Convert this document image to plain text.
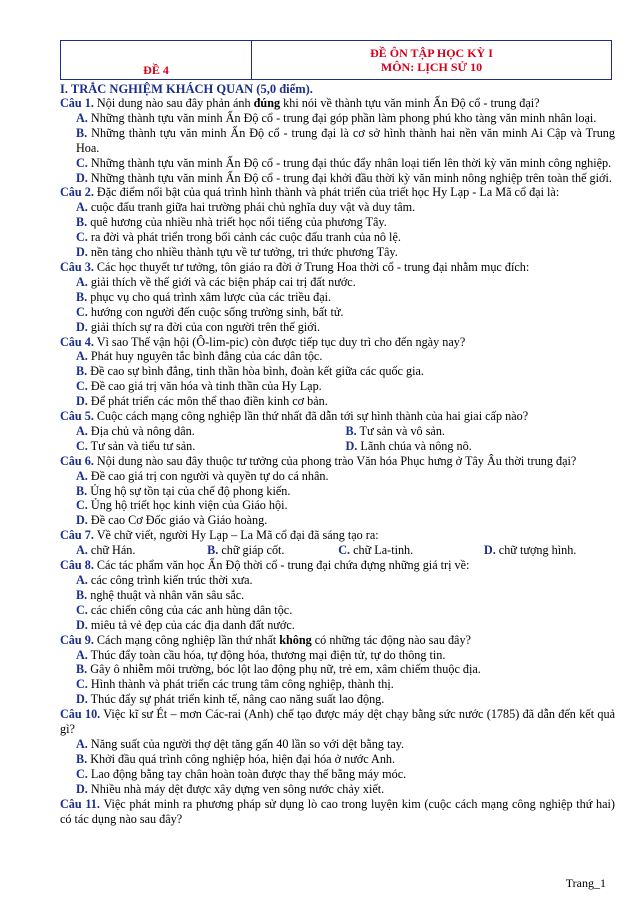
ĐỀ 4	
ĐỀ ÔN TẬP HỌC KỲ I
MÔN: LỊCH SỬ 10
I. TRẮC NGHIỆM KHÁCH QUAN (5,0 điểm).
Câu 1. Nội dung nào sau đây phản ánh đúng khi nói về thành tựu văn minh Ấn Độ cổ - trung đại?
A. Những thành tựu văn minh Ấn Độ cổ - trung đại góp phần làm phong phú kho tàng văn minh nhân loại.
B. Những thành tựu văn minh Ấn Độ cổ - trung đại là cơ sở hình thành hai nền văn minh Ai Cập và Trung Hoa.
C. Những thành tựu văn minh Ấn Độ cổ - trung đại thúc đẩy nhân loại tiến lên thời kỳ văn minh công nghiệp.
D. Những thành tựu văn minh Ấn Độ cổ - trung đại khởi đầu thời kỳ văn minh nông nghiệp trên toàn thế giới.
Câu 2. Đặc điểm nổi bật của quá trình hình thành và phát triển của triết học Hy Lạp - La Mã cổ đại là:
A. cuộc đấu tranh giữa hai trường phái chủ nghĩa duy vật và duy tâm.
B. quê hương của nhiều nhà triết học nổi tiếng của phương Tây.
C. ra đời và phát triển trong bối cảnh các cuộc đấu tranh của nô lệ.
D. nền tảng cho nhiều thành tựu về tư tưởng, tri thức phương Tây.
Câu 3. Các học thuyết tư tưởng, tôn giáo ra đời ở Trung Hoa thời cổ - trung đại nhằm mục đích:
A. giải thích về thế giới và các biện pháp cai trị đất nước.
B. phục vụ cho quá trình xâm lược của các triều đại.
C. hướng con người đến cuộc sống trường sinh, bất tử.
D. giải thích sự ra đời của con người trên thế giới.
Câu 4. Vì sao Thế vận hội (Ô-lim-pic) còn được tiếp tục duy trì cho đến ngày nay?
A. Phát huy nguyên tắc bình đẳng của các dân tộc.
B. Đề cao sự bình đẳng, tinh thần hòa bình, đoàn kết giữa các quốc gia.
C. Đề cao giá trị văn hóa và tinh thần của Hy Lạp.
D. Để phát triển các môn thể thao điền kinh cơ bản.
Câu 5. Cuộc cách mạng công nghiệp lần thứ nhất đã dẫn tới sự hình thành của hai giai cấp nào?
A. Địa chủ và nông dân.	B. Tư sản và vô sản.
C. Tư sản và tiểu tư sản.	D. Lãnh chúa và nông nô.
Câu 6. Nội dung nào sau đây thuộc tư tưởng của phong trào Văn hóa Phục hưng ở Tây Âu thời trung đại?
A. Đề cao giá trị con người và quyền tự do cá nhân.
B. Ủng hộ sự tồn tại của chế độ phong kiến.
C. Ủng hộ triết học kinh viện của Giáo hội.
D. Đề cao Cơ Đốc giáo và Giáo hoàng.
Câu 7. Về chữ viết, người Hy Lạp – La Mã cổ đại đã sáng tạo ra:
A. chữ Hán.	B. chữ giáp cốt.	C. chữ La-tinh.	D. chữ tượng hình.
Câu 8. Các tác phẩm văn học Ấn Độ thời cổ - trung đại chứa đựng những giá trị về:
A. các công trình kiến trúc thời xưa.
B. nghệ thuật và nhân văn sâu sắc.
C. các chiến công của các anh hùng dân tộc.
D. miêu tả vẻ đẹp của các địa danh đất nước.
Câu 9. Cách mạng công nghiệp lần thứ nhất không có những tác động nào sau đây?
A. Thúc đẩy toàn cầu hóa, tự động hóa, thương mại điện tử, tự do thông tin.
B. Gây ô nhiễm môi trường, bóc lột lao động phụ nữ, trẻ em, xâm chiếm thuộc địa.
C. Hình thành và phát triển các trung tâm công nghiệp, thành thị.
D. Thúc đẩy sự phát triển kinh tế, nâng cao năng suất lao động.
Câu 10. Việc kĩ sư Ét – mơn Các-rai (Anh) chế tạo được máy dệt chạy bằng sức nước (1785) đã dẫn đến kết quả gì?
A. Năng suất của người thợ dệt tăng gấn 40 lần so với dệt bằng tay.
B. Khởi đầu quá trình công nghiệp hóa, hiện đại hóa ở nước Anh.
C. Lao động bằng tay chân hoàn toàn được thay thế bằng máy móc.
D. Nhiều nhà máy dệt được xây dựng ven sông nước chảy xiết.
Câu 11. Việc phát minh ra phương pháp sử dụng lò cao trong luyện kim (cuộc cách mạng công nghiệp thứ hai) có tác dụng nào sau đây?
Trang_1
